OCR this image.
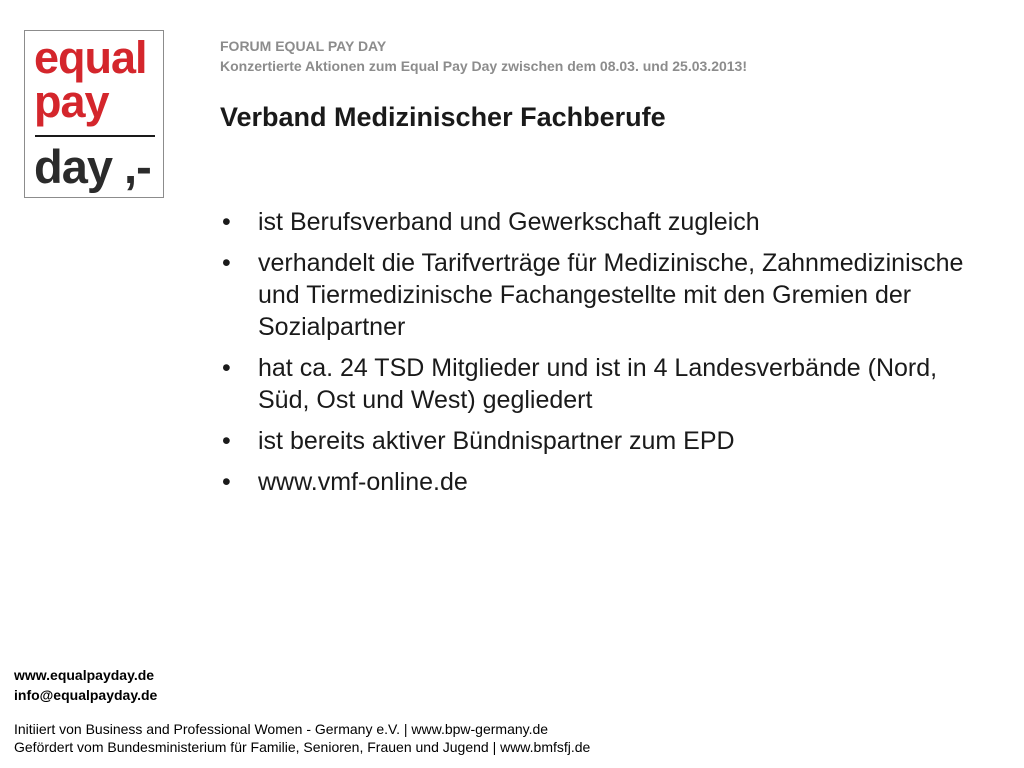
equal
pay
day ,-
FORUM EQUAL PAY DAY
Konzertierte Aktionen zum Equal Pay Day zwischen dem 08.03. und 25.03.2013!
Verband Medizinischer Fachberufe
• ist Berufsverband und Gewerkschaft zugleich
• verhandelt die Tarifverträge für Medizinische, Zahnmedizinische und Tiermedizinische Fachangestellte mit den Gremien der Sozialpartner
• hat ca. 24 TSD Mitglieder und ist in 4 Landesverbände (Nord, Süd, Ost und West) gegliedert
• ist bereits aktiver Bündnispartner zum EPD
• www.vmf-online.de
www.equalpayday.de
info@equalpayday.de
Initiiert von Business and Professional Women - Germany e.V. | www.bpw-germany.de
Gefördert vom Bundesministerium für Familie, Senioren, Frauen und Jugend | www.bmfsfj.de
